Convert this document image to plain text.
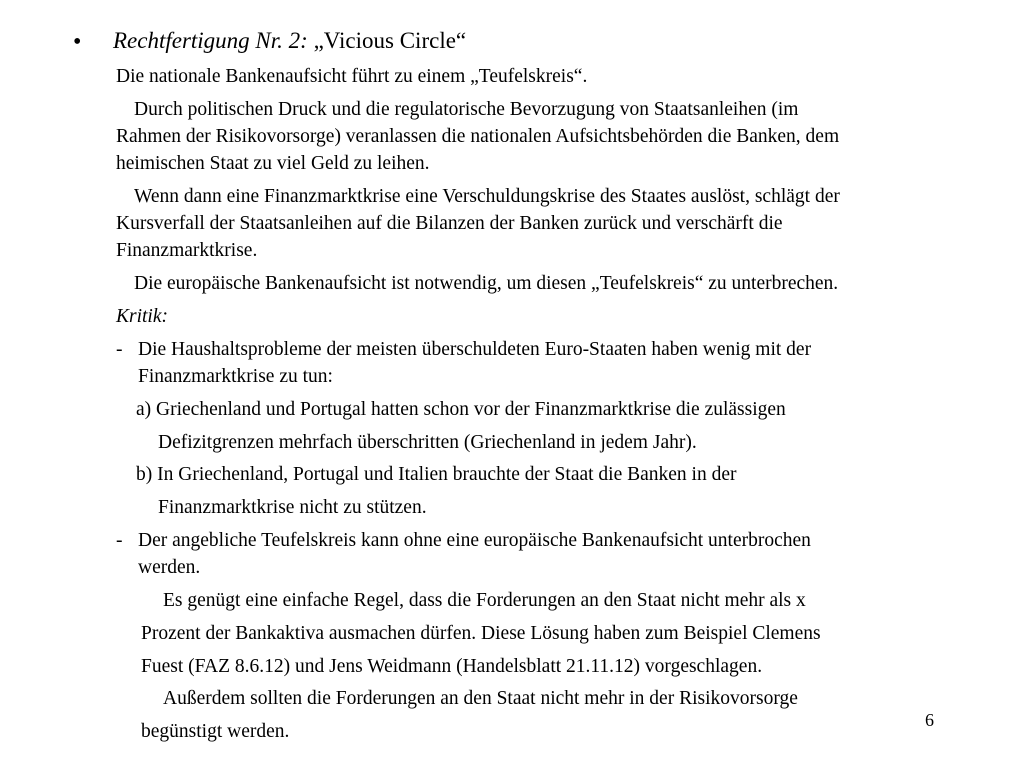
• Rechtfertigung Nr. 2: „Vicious Circle“
Die nationale Bankenaufsicht führt zu einem „Teufelskreis“.
Durch politischen Druck und die regulatorische Bevorzugung von Staatsanleihen (im
Rahmen der Risikovorsorge) veranlassen die nationalen Aufsichtsbehörden die Banken, dem
heimischen Staat zu viel Geld zu leihen.
Wenn dann eine Finanzmarktkrise eine Verschuldungskrise des Staates auslöst, schlägt der
Kursverfall der Staatsanleihen auf die Bilanzen der Banken zurück und verschärft die
Finanzmarktkrise.
Die europäische Bankenaufsicht ist notwendig, um diesen „Teufelskreis“ zu unterbrechen.
Kritik:
- Die Haushaltsprobleme der meisten überschuldeten Euro-Staaten haben wenig mit der
Finanzmarktkrise zu tun:
a) Griechenland und Portugal hatten schon vor der Finanzmarktkrise die zulässigen
Defizitgrenzen mehrfach überschritten (Griechenland in jedem Jahr).
b) In Griechenland, Portugal und Italien brauchte der Staat die Banken in der
Finanzmarktkrise nicht zu stützen.
- Der angebliche Teufelskreis kann ohne eine europäische Bankenaufsicht unterbrochen
werden.
Es genügt eine einfache Regel, dass die Forderungen an den Staat nicht mehr als x
Prozent der Bankaktiva ausmachen dürfen. Diese Lösung haben zum Beispiel Clemens
Fuest (FAZ 8.6.12) und Jens Weidmann (Handelsblatt 21.11.12) vorgeschlagen.
Außerdem sollten die Forderungen an den Staat nicht mehr in der Risikovorsorge
begünstigt werden.
6
